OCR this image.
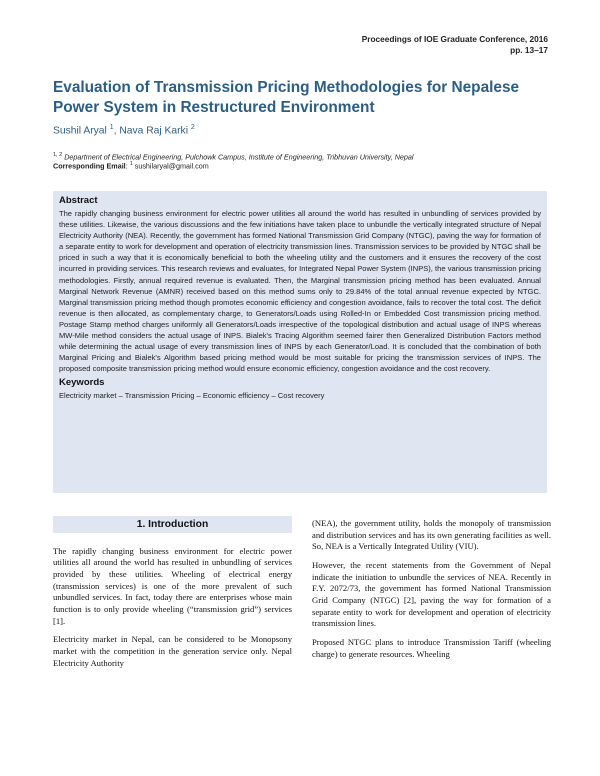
Proceedings of IOE Graduate Conference, 2016
pp. 13–17
Evaluation of Transmission Pricing Methodologies for Nepalese Power System in Restructured Environment
Sushil Aryal $^1$, Nava Raj Karki $^2$
$^{1, 2}$ Department of Electrical Engineering, Pulchowk Campus, Institute of Engineering, Tribhuvan University, Nepal
Corresponding Email: $^1$ sushilaryal@gmail.com
Abstract

The rapidly changing business environment for electric power utilities all around the world has resulted in unbundling of services provided by these utilities. Likewise, the various discussions and the few initiations have taken place to unbundle the vertically integrated structure of Nepal Electricity Authority (NEA). Recently, the government has formed National Transmission Grid Company (NTGC), paving the way for formation of a separate entity to work for development and operation of electricity transmission lines. Transmission services to be provided by NTGC shall be priced in such a way that it is economically beneficial to both the wheeling utility and the customers and it ensures the recovery of the cost incurred in providing services. This research reviews and evaluates, for Integrated Nepal Power System (INPS), the various transmission pricing methodologies. Firstly, annual required revenue is evaluated. Then, the Marginal transmission pricing method has been evaluated. Annual Marginal Network Revenue (AMNR) received based on this method sums only to 29.84% of the total annual revenue expected by NTGC. Marginal transmission pricing method though promotes economic efficiency and congestion avoidance, fails to recover the total cost. The deficit revenue is then allocated, as complementary charge, to Generators/Loads using Rolled-In or Embedded Cost transmission pricing method. Postage Stamp method charges uniformly all Generators/Loads irrespective of the topological distribution and actual usage of INPS whereas MW-Mile method considers the actual usage of INPS. Bialek's Tracing Algorithm seemed fairer then Generalized Distribution Factors method while determining the actual usage of every transmission lines of INPS by each Generator/Load. It is concluded that the combination of both Marginal Pricing and Bialek's Algorithm based pricing method would be most suitable for pricing the transmission services of INPS. The proposed composite transmission pricing method would ensure economic efficiency, congestion avoidance and the cost recovery.

Keywords
Electricity market – Transmission Pricing – Economic efficiency – Cost recovery
1. Introduction

The rapidly changing business environment for electric power utilities all around the world has resulted in unbundling of services provided by these utilities. Wheeling of electrical energy (transmission services) is one of the more prevalent of such unbundled services. In fact, today there are enterprises whose main function is to only provide wheeling (“transmission grid”) services [1].

Electricity market in Nepal, can be considered to be Monopsony market with the competition in the generation service only. Nepal Electricity Authority

(NEA), the government utility, holds the monopoly of transmission and distribution services and has its own generating facilities as well. So, NEA is a Vertically Integrated Utility (VIU).

However, the recent statements from the Government of Nepal indicate the initiation to unbundle the services of NEA. Recently in F.Y. 2072/73, the government has formed National Transmission Grid Company (NTGC) [2], paving the way for formation of a separate entity to work for development and operation of electricity transmission lines.

Proposed NTGC plans to introduce Transmission Tariff (wheeling charge) to generate resources. Wheeling
